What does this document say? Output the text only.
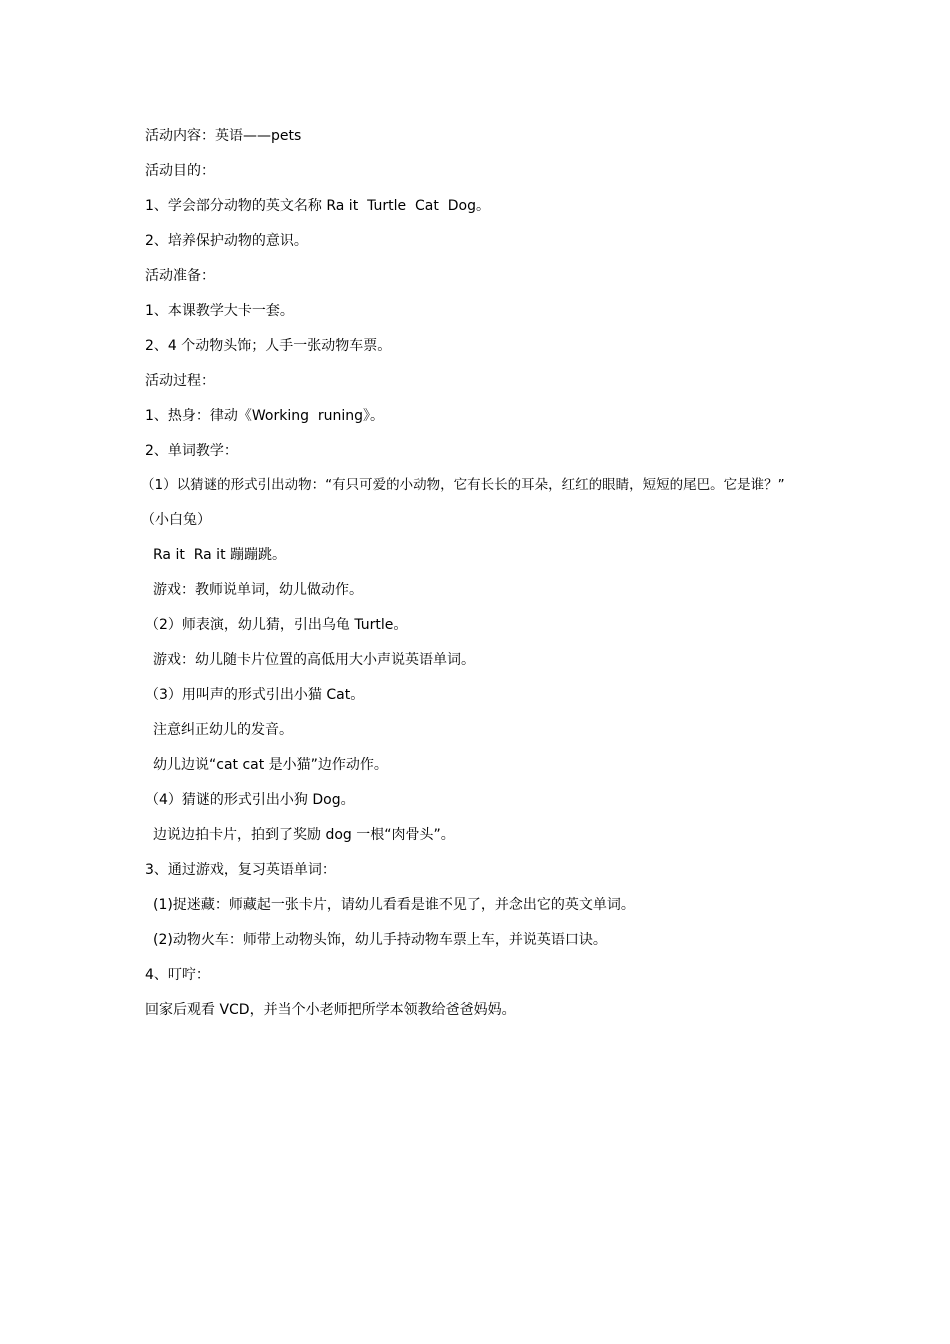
活动内容：英语——pets
活动目的：
1、学会部分动物的英文名称 Ra it  Turtle  Cat  Dog。
2、培养保护动物的意识。
活动准备：
1、本课教学大卡一套。
2、4 个动物头饰；人手一张动物车票。
活动过程：
1、热身：律动《Working  runing》。
2、单词教学：
（1）以猜谜的形式引出动物：“有只可爱的小动物，它有长长的耳朵，红红的眼睛，短短的尾巴。它是谁？”
（小白兔）
Ra it  Ra it 蹦蹦跳。
游戏：教师说单词，幼儿做动作。
（2）师表演，幼儿猜，引出乌龟 Turtle。
游戏：幼儿随卡片位置的高低用大小声说英语单词。
（3）用叫声的形式引出小猫 Cat。
注意纠正幼儿的发音。
幼儿边说“cat cat 是小猫”边作动作。
（4）猜谜的形式引出小狗 Dog。
边说边拍卡片，拍到了奖励 dog 一根“肉骨头”。
3、通过游戏，复习英语单词：
(1)捉迷藏：师藏起一张卡片，请幼儿看看是谁不见了，并念出它的英文单词。
(2)动物火车：师带上动物头饰，幼儿手持动物车票上车，并说英语口诀。
4、叮咛：
回家后观看 VCD，并当个小老师把所学本领教给爸爸妈妈。
